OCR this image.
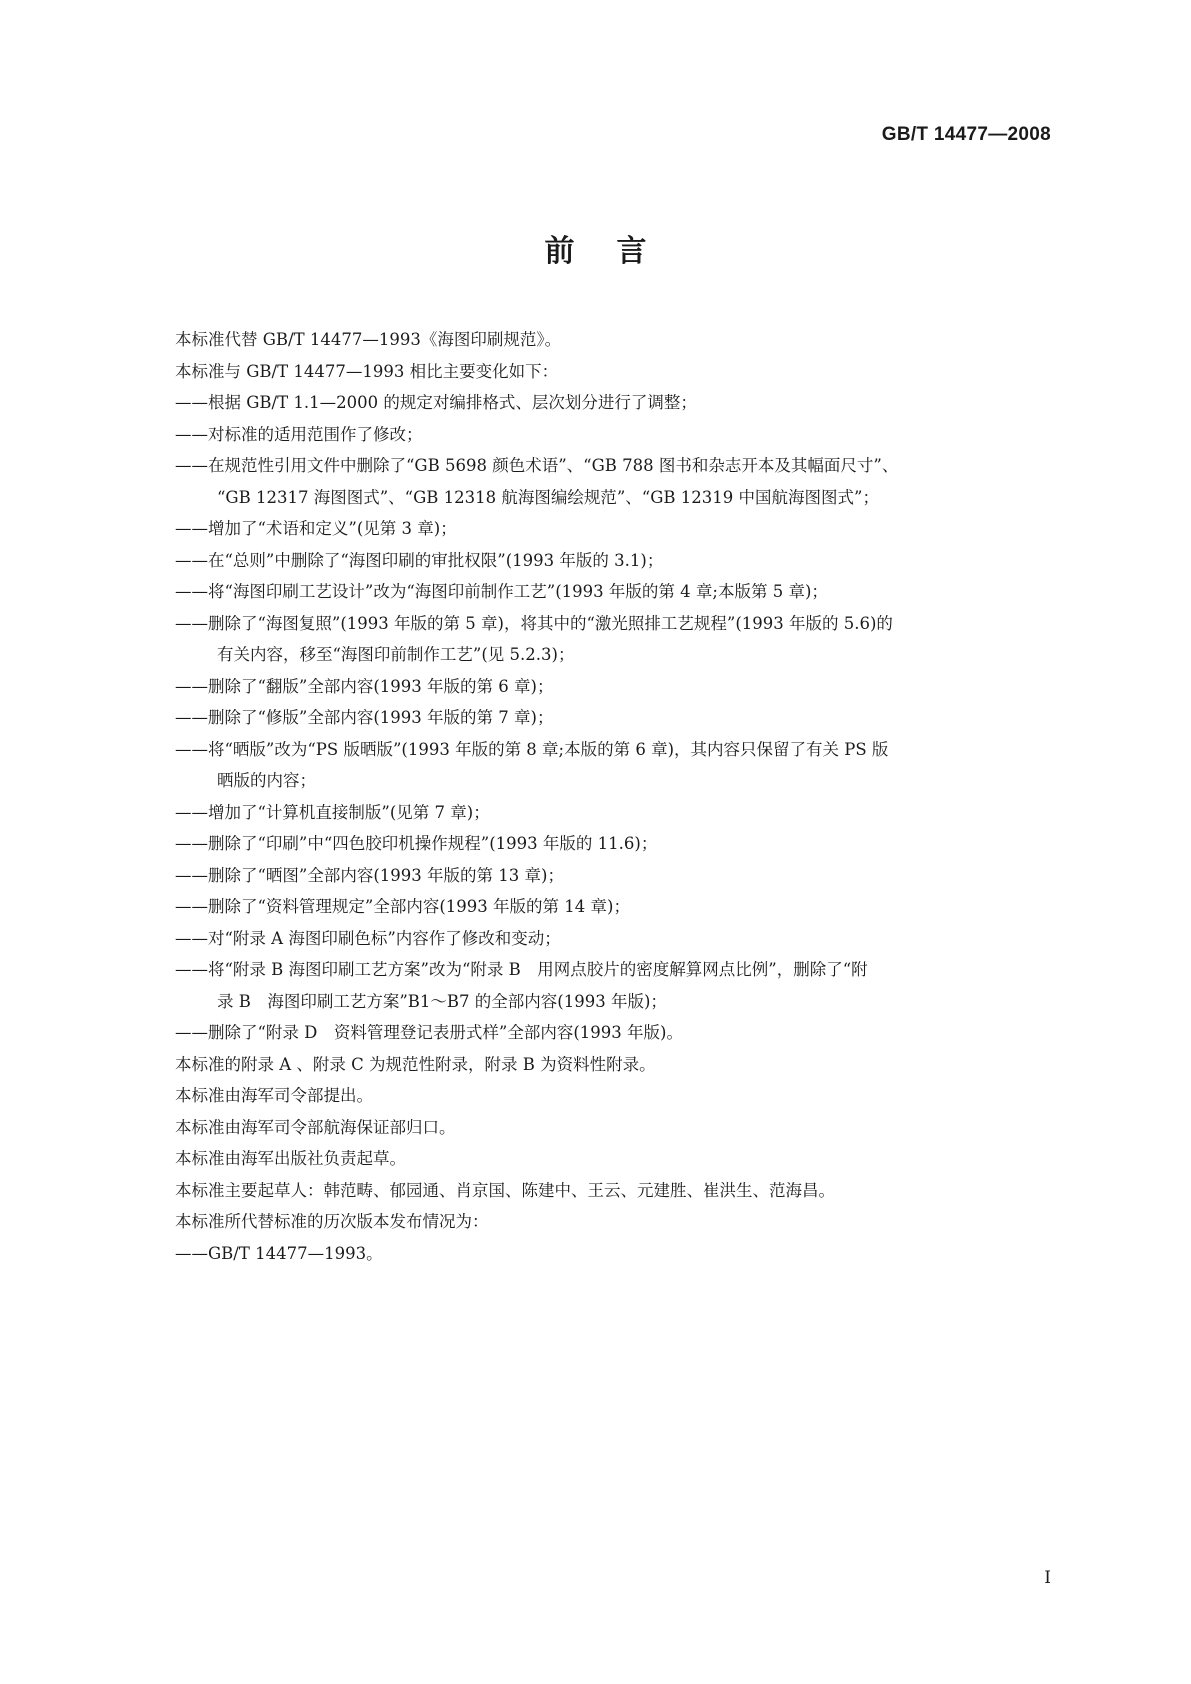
GB/T 14477—2008
前言
本标准代替 GB/T 14477—1993《海图印刷规范》。
本标准与 GB/T 14477—1993 相比主要变化如下：
——根据 GB/T 1.1—2000 的规定对编排格式、层次划分进行了调整；
——对标准的适用范围作了修改；
——在规范性引用文件中删除了“GB 5698 颜色术语”、“GB 788 图书和杂志开本及其幅面尺寸”、
“GB 12317 海图图式”、“GB 12318 航海图编绘规范”、“GB 12319 中国航海图图式”；
——增加了“术语和定义”(见第 3 章)；
——在“总则”中删除了“海图印刷的审批权限”(1993 年版的 3.1)；
——将“海图印刷工艺设计”改为“海图印前制作工艺”(1993 年版的第 4 章;本版第 5 章)；
——删除了“海图复照”(1993 年版的第 5 章)，将其中的“激光照排工艺规程”(1993 年版的 5.6)的
有关内容，移至“海图印前制作工艺”(见 5.2.3)；
——删除了“翻版”全部内容(1993 年版的第 6 章)；
——删除了“修版”全部内容(1993 年版的第 7 章)；
——将“晒版”改为“PS 版晒版”(1993 年版的第 8 章;本版的第 6 章)，其内容只保留了有关 PS 版
晒版的内容；
——增加了“计算机直接制版”(见第 7 章)；
——删除了“印刷”中“四色胶印机操作规程”(1993 年版的 11.6)；
——删除了“晒图”全部内容(1993 年版的第 13 章)；
——删除了“资料管理规定”全部内容(1993 年版的第 14 章)；
——对“附录 A 海图印刷色标”内容作了修改和变动；
——将“附录 B 海图印刷工艺方案”改为“附录 B　用网点胶片的密度解算网点比例”，删除了“附
录 B　海图印刷工艺方案”B1～B7 的全部内容(1993 年版)；
——删除了“附录 D　资料管理登记表册式样”全部内容(1993 年版)。
本标准的附录 A 、附录 C 为规范性附录，附录 B 为资料性附录。
本标准由海军司令部提出。
本标准由海军司令部航海保证部归口。
本标准由海军出版社负责起草。
本标准主要起草人：韩范畴、郁园通、肖京国、陈建中、王云、元建胜、崔洪生、范海昌。
本标准所代替标准的历次版本发布情况为：
——GB/T 14477—1993。
I
